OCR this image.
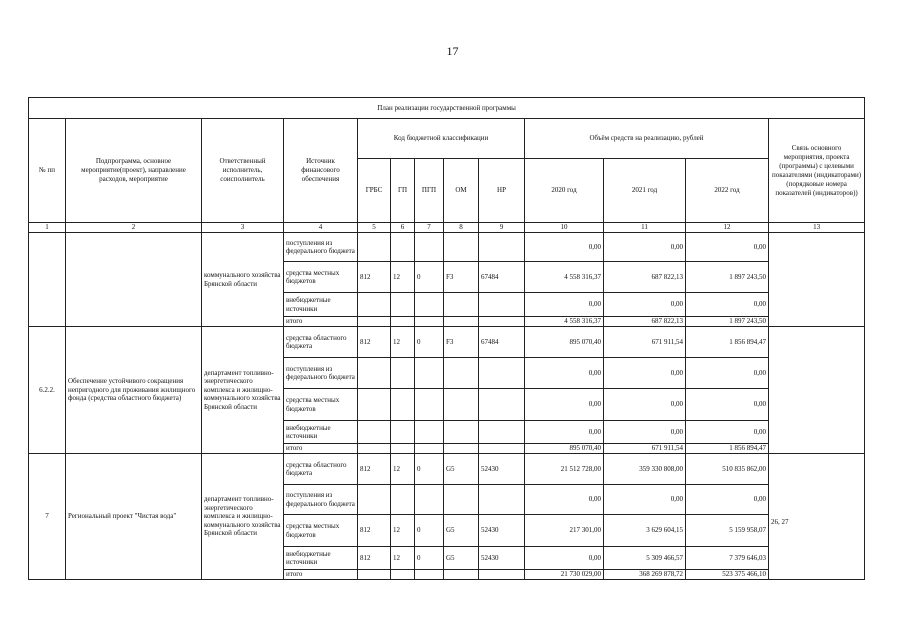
17
План реализации государственной программы												
№ пп	Подпрограмма, основное мероприятие(проект), направление расходов, мероприятие	Ответственный исполнитель, соисполнитель	Источник финансового обеспечения	Код бюджетной классификации					Объём средств на реализацию, рублей			Связь основного мероприятия, проекта (программы) с целевыми показателями (индикаторами) (порядковые номера показателей (индикаторов))
				ГРБС	ГП	ПГП	ОМ	НР	2020 год	2021 год	2022 год	
1	2	3	4	5	6	7	8	9	10	11	12	13
		коммунального хозяйства Брянской области	поступления из федерального бюджета						0,00	0,00	0,00	
			средства местных бюджетов	812	12	0	F3	67484	4 558 316,37	687 822,13	1 897 243,50	
			внебюджетные источники						0,00	0,00	0,00	
			итого						4 558 316,37	687 822,13	1 897 243,50	
6.2.2.	Обеспечение устойчивого сокращения непригодного для проживания жилищного фонда (средства областного бюджета)	департамент топливно-энергетического комплекса и жилищно-коммунального хозяйства Брянской области	средства областного бюджета	812	12	0	F3	67484	895 070,40	671 911,54	1 856 894,47	
			поступления из федерального бюджета						0,00	0,00	0,00	
			средства местных бюджетов						0,00	0,00	0,00	
			внебюджетные источники						0,00	0,00	0,00	
			итого						895 070,40	671 911,54	1 856 894,47	
7	Региональный проект "Чистая вода"	департамент топливно-энергетического комплекса и жилищно-коммунального хозяйства Брянской области	средства областного бюджета	812	12	0	G5	52430	21 512 728,00	359 330 808,00	510 835 862,00	26, 27
			поступления из федерального бюджета						0,00	0,00	0,00	
			средства местных бюджетов	812	12	0	G5	52430	217 301,00	3 629 604,15	5 159 958,07	
			внебюджетные источники	812	12	0	G5	52430	0,00	5 309 466,57	7 379 646,03	
			итого						21 730 029,00	368 269 878,72	523 375 466,10	
